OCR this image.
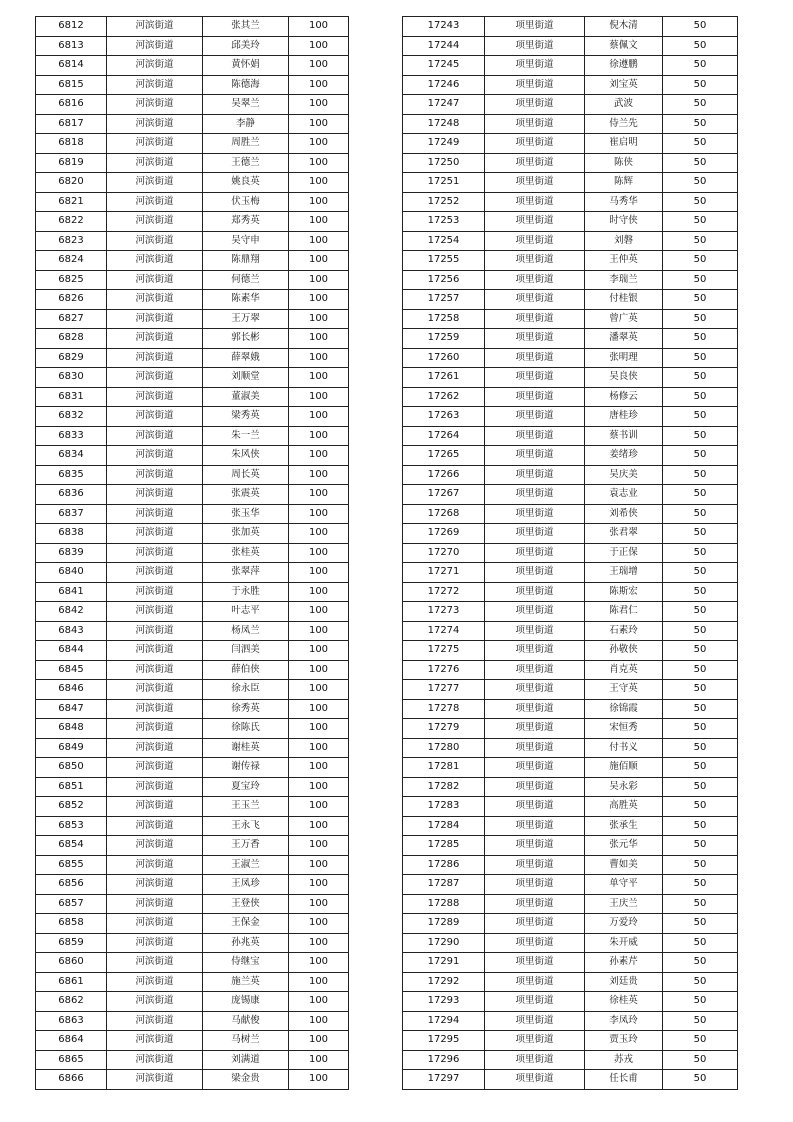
6812	河滨街道	张其兰	100
6813	河滨街道	邱美玲	100
6814	河滨街道	黄怀娟	100
6815	河滨街道	陈德海	100
6816	河滨街道	吴翠兰	100
6817	河滨街道	李静	100
6818	河滨街道	周胜兰	100
6819	河滨街道	王德兰	100
6820	河滨街道	姚良英	100
6821	河滨街道	伏玉梅	100
6822	河滨街道	郑秀英	100
6823	河滨街道	吴守申	100
6824	河滨街道	陈鼎翔	100
6825	河滨街道	何德兰	100
6826	河滨街道	陈素华	100
6827	河滨街道	王万翠	100
6828	河滨街道	郭长彬	100
6829	河滨街道	薛翠娥	100
6830	河滨街道	刘顺堂	100
6831	河滨街道	董淑美	100
6832	河滨街道	梁秀英	100
6833	河滨街道	朱一兰	100
6834	河滨街道	朱风侠	100
6835	河滨街道	周长英	100
6836	河滨街道	张震英	100
6837	河滨街道	张玉华	100
6838	河滨街道	张加英	100
6839	河滨街道	张桂英	100
6840	河滨街道	张翠萍	100
6841	河滨街道	于永胜	100
6842	河滨街道	叶志平	100
6843	河滨街道	杨凤兰	100
6844	河滨街道	闫泗美	100
6845	河滨街道	薛伯侠	100
6846	河滨街道	徐永臣	100
6847	河滨街道	徐秀英	100
6848	河滨街道	徐陈氏	100
6849	河滨街道	谢桂英	100
6850	河滨街道	谢传禄	100
6851	河滨街道	夏宝玲	100
6852	河滨街道	王玉兰	100
6853	河滨街道	王永飞	100
6854	河滨街道	王万香	100
6855	河滨街道	王淑兰	100
6856	河滨街道	王凤珍	100
6857	河滨街道	王登侠	100
6858	河滨街道	王保金	100
6859	河滨街道	孙兆英	100
6860	河滨街道	侍继宝	100
6861	河滨街道	施兰英	100
6862	河滨街道	庞锡康	100
6863	河滨街道	马献俊	100
6864	河滨街道	马树兰	100
6865	河滨街道	刘满道	100
6866	河滨街道	梁金贵	100
17243	项里街道	倪木清	50
17244	项里街道	蔡佩文	50
17245	项里街道	徐遵鹏	50
17246	项里街道	刘宝英	50
17247	项里街道	武波	50
17248	项里街道	侍兰先	50
17249	项里街道	崔启明	50
17250	项里街道	陈侠	50
17251	项里街道	陈辉	50
17252	项里街道	马秀华	50
17253	项里街道	时守侠	50
17254	项里街道	刘磐	50
17255	项里街道	王仲英	50
17256	项里街道	李瑞兰	50
17257	项里街道	付桂银	50
17258	项里街道	曾广英	50
17259	项里街道	潘翠英	50
17260	项里街道	张明理	50
17261	项里街道	吴良侠	50
17262	项里街道	杨修云	50
17263	项里街道	唐桂珍	50
17264	项里街道	蔡书训	50
17265	项里街道	姜绪珍	50
17266	项里街道	吴庆美	50
17267	项里街道	袁志业	50
17268	项里街道	刘希侠	50
17269	项里街道	张君翠	50
17270	项里街道	于正保	50
17271	项里街道	王瑞增	50
17272	项里街道	陈斯宏	50
17273	项里街道	陈君仁	50
17274	项里街道	石素玲	50
17275	项里街道	孙敬侠	50
17276	项里街道	肖克英	50
17277	项里街道	王守英	50
17278	项里街道	徐锦霞	50
17279	项里街道	宋恒秀	50
17280	项里街道	付书义	50
17281	项里街道	施佰顺	50
17282	项里街道	吴永彩	50
17283	项里街道	高胜英	50
17284	项里街道	张承生	50
17285	项里街道	张元华	50
17286	项里街道	曹如美	50
17287	项里街道	单守平	50
17288	项里街道	王庆兰	50
17289	项里街道	万爱玲	50
17290	项里街道	朱开威	50
17291	项里街道	孙素芹	50
17292	项里街道	刘廷贵	50
17293	项里街道	徐桂英	50
17294	项里街道	李凤玲	50
17295	项里街道	贾玉玲	50
17296	项里街道	苏戎	50
17297	项里街道	任长甫	50
